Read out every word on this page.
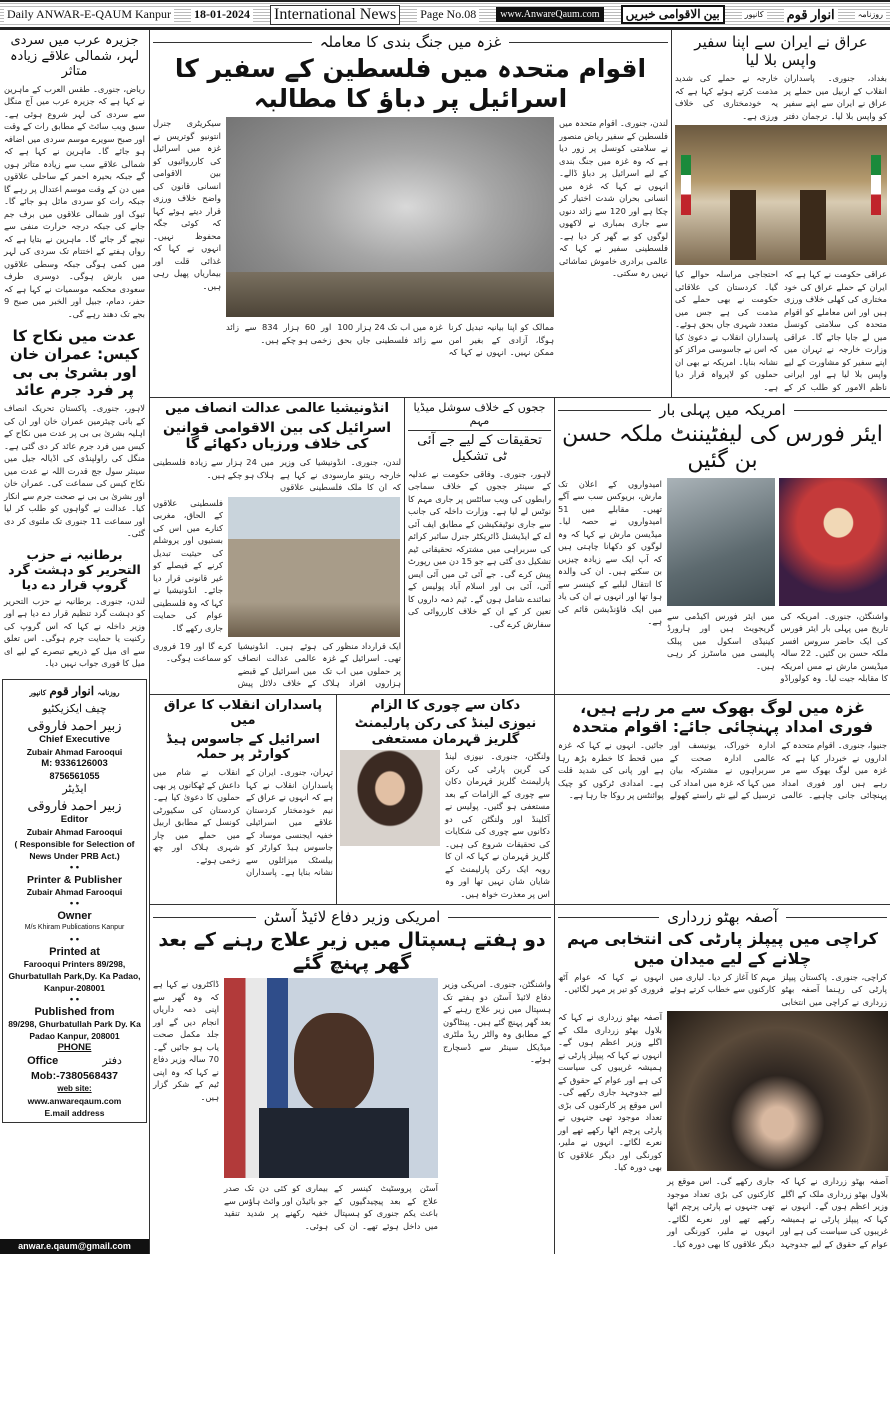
Daily ANWAR-E-QAUM Kanpur 18-01-2024 International News	Page No.08	www.AnwareQaum.com	بین الاقوامی خبریں	کانپور انوار قوم	روزنامہ
جزیرہ عرب میں سردی لہر، شمالی علاقے زیادہ متاثر
ریاض، جنوری۔ طقس العرب کے ماہرین نے کہا ہے کہ جزیرہ عرب میں آج منگل سے سردی کی لہر شروع ہوئی ہے۔ سبق ویب سائٹ کے مطابق رات کے وقت اور صبح سویرے موسم سردی میں اضافہ ہو جائے گا۔ ماہرین نے کہا ہے کہ شمالی علاقے سب سے زیادہ متاثر ہوں گے جبکہ بحیرہ احمر کے ساحلی علاقوں میں دن کے وقت موسم اعتدال پر رہے گا جبکہ رات کو سردی مائل ہو جائے گا۔ تبوک اور شمالی علاقوں میں برف جم جانے کی جبکہ درجہ حرارت منفی سے نیچے گر جائے گا۔ ماہرین نے بتایا ہے کہ رواں ہفتے کے اختتام تک سردی کی لہر میں کمی ہوگی جبکہ وسطی علاقوں میں بارش ہوگی۔ دوسری طرف سعودی محکمہ موسمیات نے کہا ہے کہ حفر، دمام، جبیل اور الخبر میں صبح 9 بجے تک دھند رہے گی۔
عدت میں نکاح کا کیس: عمران خان اور بشریٰ بی بی پر فرد جرم عائد
لاہور، جنوری۔ پاکستان تحریک انصاف کے بانی چیئرمین عمران خان اور ان کی اہلیہ بشریٰ بی بی پر عدت میں نکاح کے کیس میں فرد جرم عائد کر دی گئی ہے۔ منگل کی راولپنڈی کی اڈیالہ جیل میں سینئر سول جج قدرت اللہ نے عدت میں نکاح کیس کی سماعت کی۔ عمران خان اور بشریٰ بی بی نے صحت جرم سے انکار کیا۔ عدالت نے گواہوں کو طلب کر لیا اور سماعت 11 جنوری تک ملتوی کر دی گئی۔
برطانیہ نے حزب التحریر کو دہشت گرد گروپ قرار دے دیا
لندن، جنوری۔ برطانیہ نے حزب التحریر کو دہشت گرد تنظیم قرار دے دیا ہے اور وزیر داخلہ نے کہا کہ اس گروپ کی رکنیت یا حمایت جرم ہوگی۔ اس تعلق سے ای میل کے ذریعے تبصرے کے لیے ای میل کا فوری جواب نہیں دیا۔
روزنامہ انوار قوم کانپور
چیف ایکزیکٹیو
زبیر احمد فاروقی
Chief Executive
Zubair Ahmad Farooqui
M: 9336126003
8756561055
ایڈیٹر
زبیر احمد فاروقی
Editor
Zubair Ahmad Farooqui
( Responsible for Selection of News Under PRB Act.)
• •
Printer & Publisher
Zubair Ahmad Farooqui
• •
Owner
M/s Khiram Publications Kanpur
• •
Printed at
Farooqui Printers 89/298, Ghurbatullah Park,Dy. Ka Padao, Kanpur-208001
• •
Published from
89/298, Ghurbatullah Park Dy. Ka Padao Kanpur, 208001
PHONE
Office	دفتر
Mob:-7380568437
web site:
www.anwareqaum.com
E.mail address
anwar.e.qaum@gmail.com
غزہ میں جنگ بندی کا معاملہ
اقوام متحدہ میں فلسطین کے سفیر کا اسرائیل پر دباؤ کا مطالبہ
سیکریٹری جنرل انتونیو گوتریس نے غزہ میں اسرائیل کی کارروائیوں کو بین الاقوامی انسانی قانون کی واضح خلاف ورزی قرار دیتے ہوئے کہا کہ کوئی جگہ محفوظ نہیں۔ انہوں نے کہا کہ غذائی قلت اور بیماریاں پھیل رہی ہیں۔
ممالک کو اپنا بیانیہ تبدیل کرنا ہوگا، آزادی کے بغیر امن ممکن نہیں۔ انہوں نے کہا کہ غزہ میں اب تک 24 ہزار 100 سے زائد فلسطینی جاں بحق اور 60 ہزار 834 سے زائد زخمی ہو چکے ہیں۔
لندن، جنوری۔ اقوام متحدہ میں فلسطین کے سفیر ریاض منصور نے سلامتی کونسل پر زور دیا ہے کہ وہ غزہ میں جنگ بندی کے لیے اسرائیل پر دباؤ ڈالے۔ انہوں نے کہا کہ غزہ میں انسانی بحران شدت اختیار کر چکا ہے اور 120 سے زائد دنوں سے جاری بمباری نے لاکھوں لوگوں کو بے گھر کر دیا ہے۔ فلسطینی سفیر نے کہا کہ عالمی برادری خاموش تماشائی نہیں رہ سکتی۔
عراق نے ایران سے اپنا سفیر واپس بلا لیا
بغداد، جنوری۔ پاسداران انقلاب کے اربیل میں حملے پر عراق نے ایران سے اپنے سفیر کو واپس بلا لیا۔ ترجمان دفتر خارجہ نے حملے کی شدید مذمت کرتے ہوئے کہا ہے کہ یہ خودمختاری کی خلاف ورزی ہے۔
عراقی حکومت نے کہا ہے کہ ایران کے حملے عراق کی خود مختاری کی کھلی خلاف ورزی ہیں اور اس معاملے کو اقوام متحدہ کی سلامتی کونسل میں لے جایا جائے گا۔ عراقی وزارت خارجہ نے تہران میں اپنے سفیر کو مشاورت کے لیے واپس بلا لیا ہے اور ایرانی ناظم الامور کو طلب کر کے احتجاجی مراسلہ حوالے کیا گیا۔ کردستان کی علاقائی حکومت نے بھی حملے کی مذمت کی ہے جس میں متعدد شہری جاں بحق ہوئے۔ پاسداران انقلاب نے دعویٰ کیا کہ اس نے جاسوسی مراکز کو نشانہ بنایا۔ امریکہ نے بھی ان حملوں کو لاپرواہ قرار دیا ہے۔
انڈونیشیا عالمی عدالت انصاف میں
اسرائیل کی بین الاقوامی قوانین کی خلاف ورزیاں دکھائے گا
لندن، جنوری۔ انڈونیشیا کی وزیر خارجہ ریتنو مارسودی نے کہا ہے کہ ان کا ملک فلسطینی علاقوں میں 24 ہزار سے زیادہ فلسطینی ہلاک ہو چکے ہیں۔
فلسطینی علاقوں کے الحاق، مغربی کنارے میں اس کی بستیوں اور یروشلم کی حیثیت تبدیل کرنے کے فیصلے کو غیر قانونی قرار دیا جائے۔ انڈونیشیا نے کہا کہ وہ فلسطینی عوام کی حمایت جاری رکھے گا۔
ایک قرارداد منظور کی تھی۔ اسرائیل کے غزہ پر حملوں میں اب تک ہزاروں افراد ہلاک ہوئے ہیں۔ انڈونیشیا عالمی عدالت انصاف میں اسرائیل کے قبضے کے خلاف دلائل پیش کرے گا اور 19 فروری کو سماعت ہوگی۔
ججوں کے خلاف سوشل میڈیا مہم
تحقیقات کے لیے جے آئی ٹی تشکیل
لاہور، جنوری۔ وفاقی حکومت نے عدلیہ کے سینئر ججوں کے خلاف سماجی رابطوں کی ویب سائٹس پر جاری مہم کا نوٹس لے لیا ہے۔ وزارت داخلہ کی جانب سے جاری نوٹیفکیشن کے مطابق ایف آئی اے کے ایڈیشنل ڈائریکٹر جنرل سائبر کرائم کی سربراہی میں مشترکہ تحقیقاتی ٹیم تشکیل دی گئی ہے جو 15 دن میں رپورٹ پیش کرے گی۔ جے آئی ٹی میں آئی ایس آئی، آئی بی اور اسلام آباد پولیس کے نمائندے شامل ہوں گے۔ ٹیم ذمہ داروں کا تعین کر کے ان کے خلاف کارروائی کی سفارش کرے گی۔
امریکہ میں پہلی بار
ایئر فورس کی لیفٹیننٹ ملکہ حسن بن گئیں
امیدواروں کے اعلان تک مارش، بریوکس سب سے آگے تھیں۔ مقابلے میں 51 امیدواروں نے حصہ لیا۔ میڈیسن مارش نے کہا کہ وہ لوگوں کو دکھانا چاہتی ہیں کہ آپ ایک سے زیادہ چیزیں بن سکتے ہیں۔ ان کی والدہ کا انتقال لبلبے کے کینسر سے ہوا تھا اور انہوں نے ان کی یاد میں ایک فاؤنڈیشن قائم کی ہے۔
واشنگٹن، جنوری۔ امریکہ کی تاریخ میں پہلی بار ایئر فورس کی ایک حاضر سروس افسر ملکہ حسن بن گئیں۔ 22 سالہ میڈیسن مارش نے مس امریکہ کا مقابلہ جیت لیا۔ وہ کولوراڈو میں ایئر فورس اکیڈمی سے گریجویٹ ہیں اور ہارورڈ کینیڈی اسکول میں پبلک پالیسی میں ماسٹرز کر رہی ہیں۔
پاسداران انقلاب کا عراق میں
اسرائیل کے جاسوس ہیڈ کوارٹر پر حملہ
تہران، جنوری۔ ایران کے پاسداران انقلاب نے کہا ہے کہ انہوں نے عراق کے نیم خودمختار کردستان علاقے میں اسرائیلی خفیہ ایجنسی موساد کے جاسوس ہیڈ کوارٹر کو بیلسٹک میزائلوں سے نشانہ بنایا ہے۔ پاسداران انقلاب نے شام میں داعش کے ٹھکانوں پر بھی حملوں کا دعویٰ کیا ہے۔ کردستان کی سکیورٹی کونسل کے مطابق اربیل میں حملے میں چار شہری ہلاک اور چھ زخمی ہوئے۔
دکان سے چوری کا الزام
نیوزی لینڈ کی رکن پارلیمنٹ گلریز قہرمان مستعفی
ولنگٹن، جنوری۔ نیوزی لینڈ کی گرین پارٹی کی رکن پارلیمنٹ گلریز قہرمان دکان سے چوری کے الزامات کے بعد مستعفی ہو گئیں۔ پولیس نے آکلینڈ اور ولنگٹن کی دو دکانوں سے چوری کی شکایات کی تحقیقات شروع کی ہیں۔ گلریز قہرمان نے کہا کہ ان کا رویہ ایک رکن پارلیمنٹ کے شایان شان نہیں تھا اور وہ اس پر معذرت خواہ ہیں۔
غزہ میں لوگ بھوک سے مر رہے ہیں، فوری امداد پہنچائی جائے: اقوام متحدہ
جنیوا، جنوری۔ اقوام متحدہ کے اداروں نے خبردار کیا ہے کہ غزہ میں لوگ بھوک سے مر رہے ہیں اور فوری امداد پہنچائی جانی چاہیے۔ عالمی ادارہ خوراک، یونیسف اور عالمی ادارہ صحت کے سربراہوں نے مشترکہ بیان میں کہا کہ غزہ میں امداد کی ترسیل کے لیے نئے راستے کھولے جائیں۔ انہوں نے کہا کہ غزہ میں قحط کا خطرہ بڑھ رہا ہے اور پانی کی شدید قلت ہے۔ امدادی ٹرکوں کو چیک پوائنٹس پر روکا جا رہا ہے۔
امریکی وزیر دفاع لائیڈ آسٹن
دو ہفتے ہسپتال میں زیر علاج رہنے کے بعد گھر پہنچ گئے
ڈاکٹروں نے کہا ہے کہ وہ گھر سے اپنی ذمہ داریاں انجام دیں گے اور جلد مکمل صحت یاب ہو جائیں گے۔ 70 سالہ وزیر دفاع نے کہا کہ وہ اپنی ٹیم کے شکر گزار ہیں۔
آسٹن پروسٹیٹ کینسر کے علاج کے بعد پیچیدگیوں کے باعث یکم جنوری کو ہسپتال میں داخل ہوئے تھے۔ ان کی بیماری کو کئی دن تک صدر جو بائیڈن اور وائٹ ہاؤس سے خفیہ رکھنے پر شدید تنقید ہوئی۔
واشنگٹن، جنوری۔ امریکی وزیر دفاع لائیڈ آسٹن دو ہفتے تک ہسپتال میں زیر علاج رہنے کے بعد گھر پہنچ گئے ہیں۔ پینٹاگون کے مطابق وہ والٹر ریڈ ملٹری میڈیکل سینٹر سے ڈسچارج ہوئے۔
آصفہ بھٹو زرداری
کراچی میں پیپلز پارٹی کی انتخابی مہم چلانے کے لیے میدان میں
کراچی، جنوری۔ پاکستان پیپلز پارٹی کی رہنما آصفہ بھٹو زرداری نے کراچی میں انتخابی مہم کا آغاز کر دیا۔ لیاری میں کارکنوں سے خطاب کرتے ہوئے انہوں نے کہا کہ عوام آٹھ فروری کو تیر پر مہر لگائیں۔
آصفہ بھٹو زرداری نے کہا کہ بلاول بھٹو زرداری ملک کے اگلے وزیر اعظم ہوں گے۔ انہوں نے کہا کہ پیپلز پارٹی نے ہمیشہ غریبوں کی سیاست کی ہے اور عوام کے حقوق کے لیے جدوجہد جاری رکھے گی۔ اس موقع پر کارکنوں کی بڑی تعداد موجود تھی جنہوں نے پارٹی پرچم اٹھا رکھے تھے اور نعرے لگائے۔ انہوں نے ملیر، کورنگی اور دیگر علاقوں کا بھی دورہ کیا۔
آصفہ بھٹو زرداری نے کہا کہ بلاول بھٹو زرداری ملک کے اگلے وزیر اعظم ہوں گے۔ انہوں نے کہا کہ پیپلز پارٹی نے ہمیشہ غریبوں کی سیاست کی ہے اور عوام کے حقوق کے لیے جدوجہد جاری رکھے گی۔ اس موقع پر کارکنوں کی بڑی تعداد موجود تھی جنہوں نے پارٹی پرچم اٹھا رکھے تھے اور نعرے لگائے۔ انہوں نے ملیر، کورنگی اور دیگر علاقوں کا بھی دورہ کیا۔
